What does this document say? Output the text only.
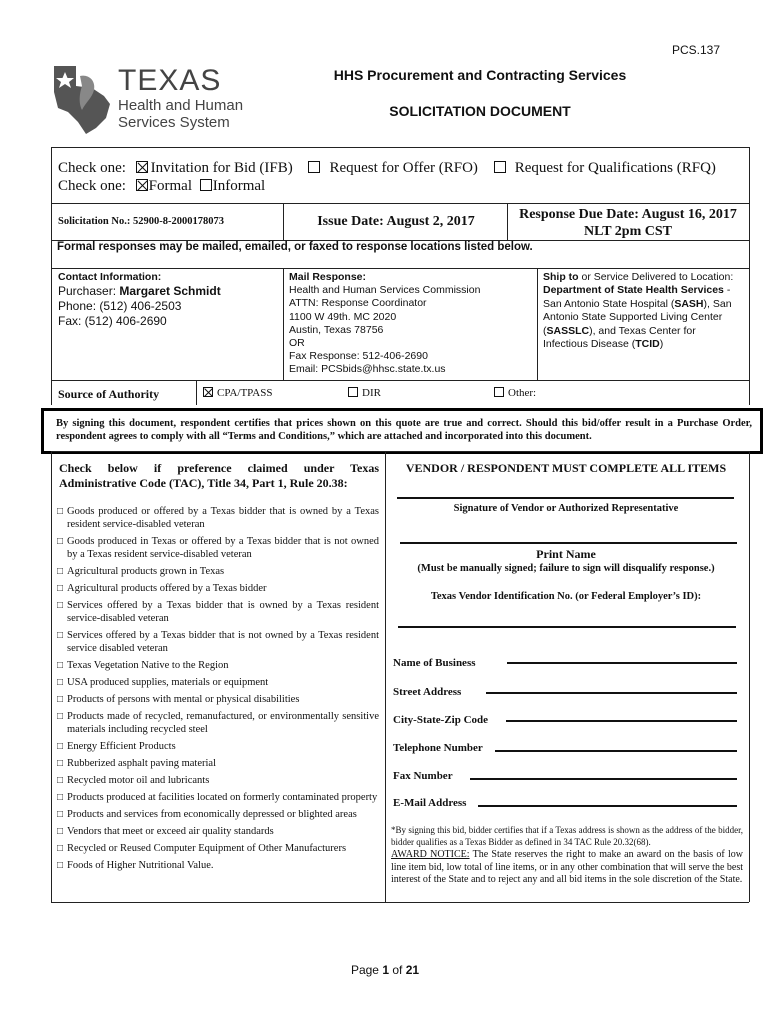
PCS.137
TEXAS
Health and Human
Services System
HHS Procurement and Contracting Services
SOLICITATION DOCUMENT
Check one: Invitation for Bid (IFB) Request for Offer (RFO) Request for Qualifications (RFQ)
Check one: Formal Informal
Solicitation No.: 52900-8-2000178073	Issue Date: August 2, 2017	Response Due Date: August 16, 2017
NLT 2pm CST
Formal responses may be mailed, emailed, or faxed to response locations listed below.
Contact Information:
Purchaser: Margaret Schmidt
Phone: (512) 406-2503
Fax: (512) 406-2690
Mail Response:
Health and Human Services Commission
ATTN: Response Coordinator
1100 W 49th. MC 2020
Austin, Texas 78756
OR
Fax Response: 512-406-2690
Email: PCSbids@hhsc.state.tx.us
Ship to or Service Delivered to Location: Department of State Health Services - San Antonio State Hospital (SASH), San Antonio State Supported Living Center (SASSLC), and Texas Center for Infectious Disease (TCID)
Source of Authority	CPA/TPASS	DIR	Other:
By signing this document, respondent certifies that prices shown on this quote are true and correct. Should this bid/offer result in a Purchase Order, respondent agrees to comply with all “Terms and Conditions,” which are attached and incorporated into this document.
Check below if preference claimed under Texas Administrative Code (TAC), Title 34, Part 1, Rule 20.38:
□ Goods produced or offered by a Texas bidder that is owned by a Texas resident service-disabled veteran
□ Goods produced in Texas or offered by a Texas bidder that is not owned by a Texas resident service-disabled veteran
□ Agricultural products grown in Texas
□ Agricultural products offered by a Texas bidder
□ Services offered by a Texas bidder that is owned by a Texas resident service-disabled veteran
□ Services offered by a Texas bidder that is not owned by a Texas resident service disabled veteran
□ Texas Vegetation Native to the Region
□ USA produced supplies, materials or equipment
□ Products of persons with mental or physical disabilities
□ Products made of recycled, remanufactured, or environmentally sensitive materials including recycled steel
□ Energy Efficient Products
□ Rubberized asphalt paving material
□ Recycled motor oil and lubricants
□ Products produced at facilities located on formerly contaminated property
□ Products and services from economically depressed or blighted areas
□ Vendors that meet or exceed air quality standards
□ Recycled or Reused Computer Equipment of Other Manufacturers
□ Foods of Higher Nutritional Value.
VENDOR / RESPONDENT MUST COMPLETE ALL ITEMS
Signature of Vendor or Authorized Representative
Print Name
(Must be manually signed; failure to sign will disqualify response.)
Texas Vendor Identification No. (or Federal Employer’s ID):
Name of Business
Street Address
City-State-Zip Code
Telephone Number
Fax Number
E-Mail Address
*By signing this bid, bidder certifies that if a Texas address is shown as the address of the bidder, bidder qualifies as a Texas Bidder as defined in 34 TAC Rule 20.32(68).
AWARD NOTICE: The State reserves the right to make an award on the basis of low line item bid, low total of line items, or in any other combination that will serve the best interest of the State and to reject any and all bid items in the sole discretion of the State.
Page 1 of 21
